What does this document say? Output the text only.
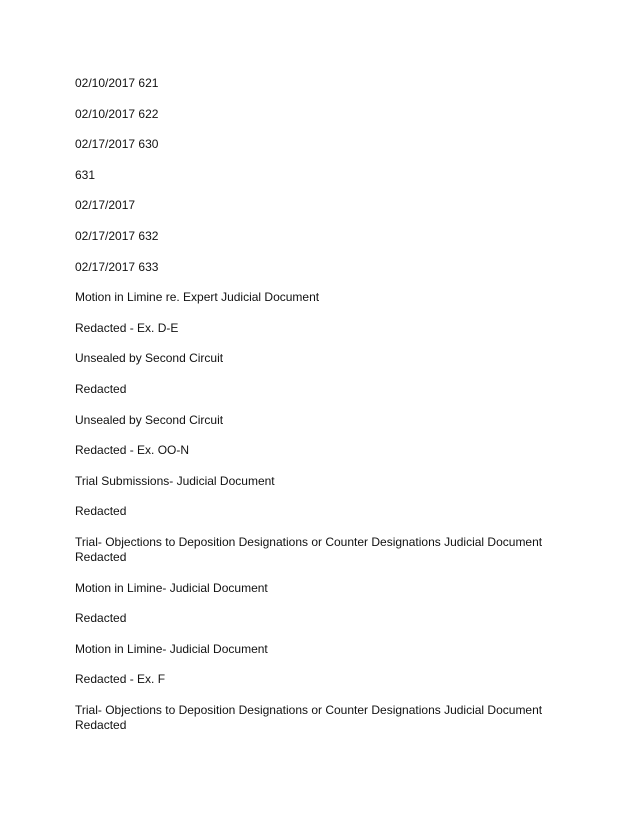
02/10/2017 621

02/10/2017 622

02/17/2017 630

631

02/17/2017

02/17/2017 632

02/17/2017 633

Motion in Limine re. Expert Judicial Document

Redacted - Ex. D-E

Unsealed by Second Circuit

Redacted

Unsealed by Second Circuit

Redacted - Ex. OO-N

Trial Submissions- Judicial Document

Redacted

Trial- Objections to Deposition Designations or Counter Designations Judicial Document
Redacted

Motion in Limine- Judicial Document

Redacted

Motion in Limine- Judicial Document

Redacted - Ex. F

Trial- Objections to Deposition Designations or Counter Designations Judicial Document
Redacted
